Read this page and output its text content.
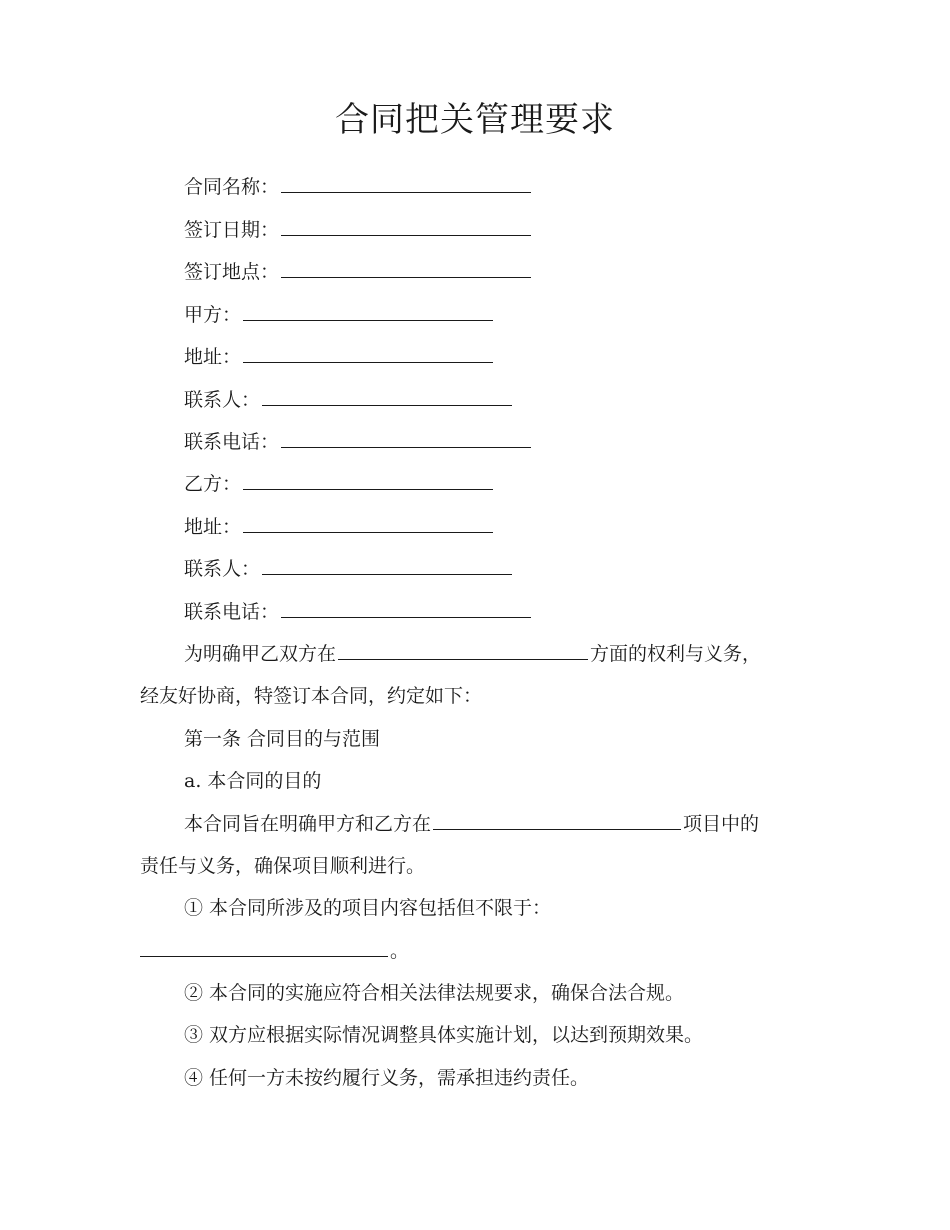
合同把关管理要求
合同名称：
签订日期：
签订地点：
甲方：
地址：
联系人：
联系电话：
乙方：
地址：
联系人：
联系电话：
为明确甲乙双方在	方面的权利与义务，
经友好协商，特签订本合同，约定如下：
第一条 合同目的与范围
a. 本合同的目的
本合同旨在明确甲方和乙方在	项目中的
责任与义务，确保项目顺利进行。
① 本合同所涉及的项目内容包括但不限于：
。
② 本合同的实施应符合相关法律法规要求，确保合法合规。
③ 双方应根据实际情况调整具体实施计划，以达到预期效果。
④ 任何一方未按约履行义务，需承担违约责任。
